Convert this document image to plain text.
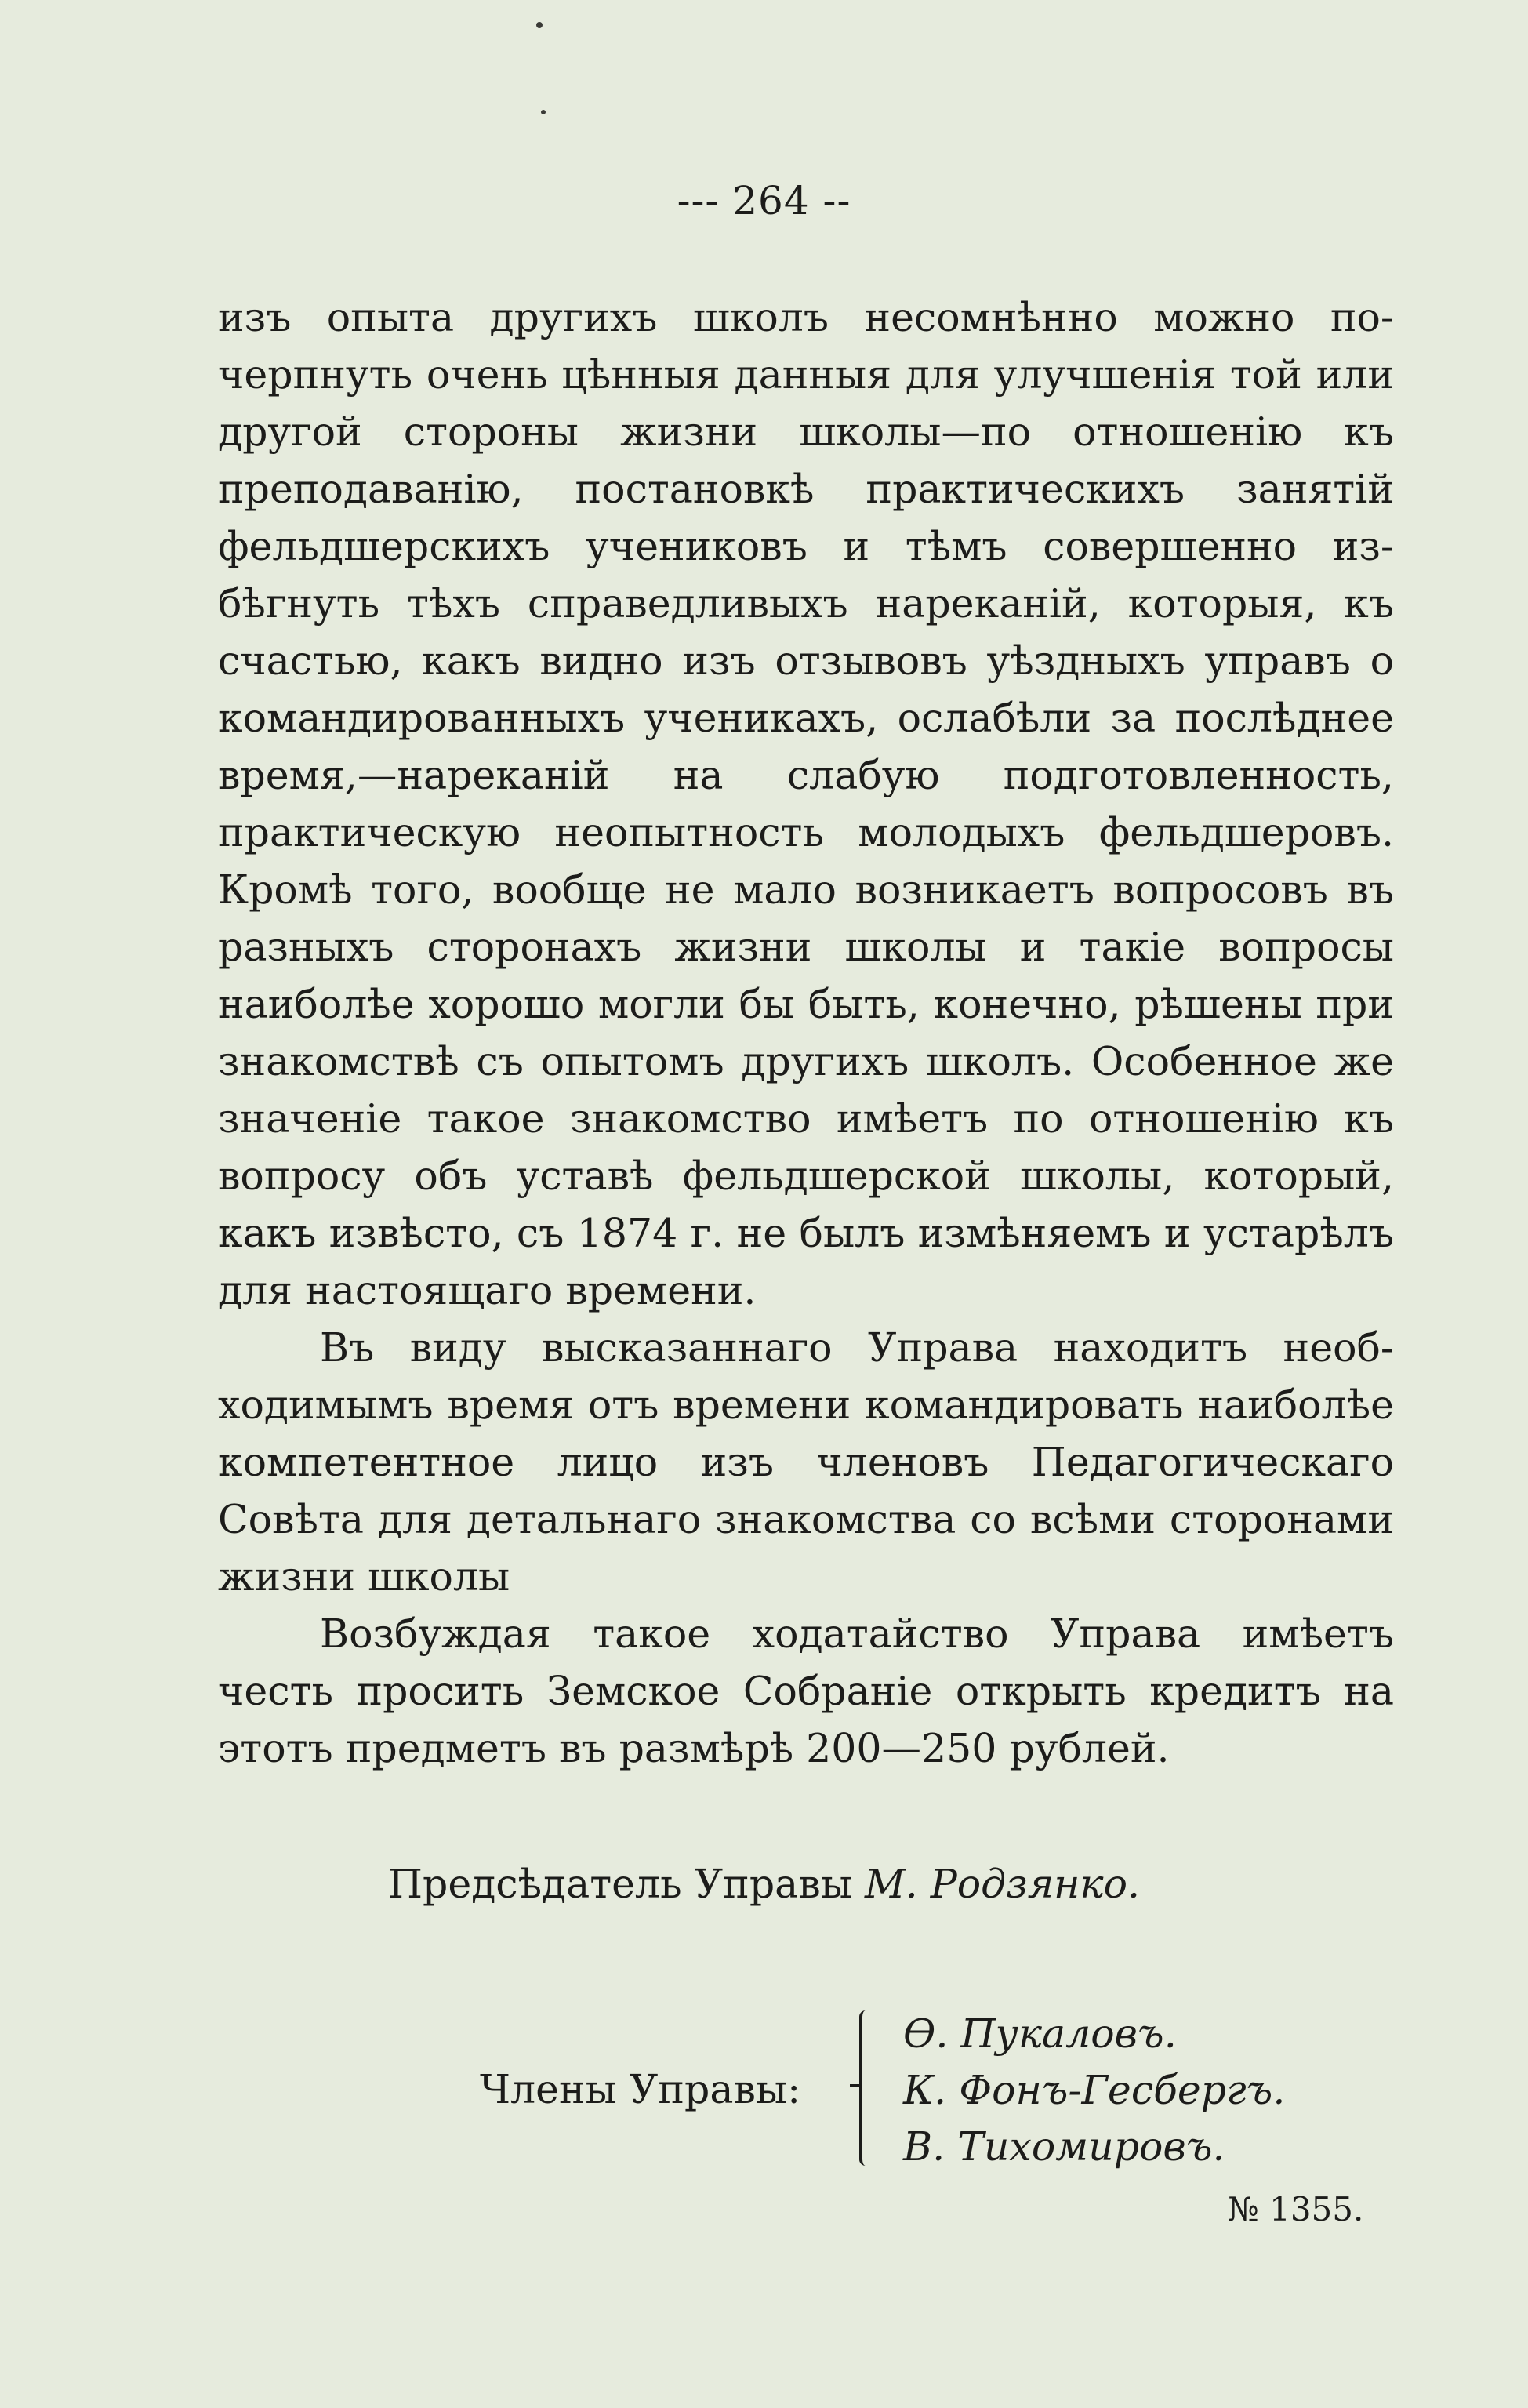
--- 264 --

изъ опыта другихъ школъ несомнѣнно можно почерпнуть очень цѣнныя данныя для улучшенія той или другой стороны жизни школы—по отношенію къ преподаванію, постановкѣ практическихъ занятій фельдшерскихъ учениковъ и тѣмъ совершенно избѣгнуть тѣхъ справедливыхъ нареканій, которыя, къ счастью, какъ видно изъ отзывовъ уѣздныхъ управъ о командированныхъ ученикахъ, ослабѣли за послѣднее время,—нареканій на слабую подготовленность, практическую неопытность молодыхъ фельдшеровъ. Кромѣ того, вообще не мало возникаетъ вопросовъ въ разныхъ сторонахъ жизни школы и такіе вопросы наиболѣе хорошо могли бы быть, конечно, рѣшены при знакомствѣ съ опытомъ другихъ школъ. Особенное же значеніе такое знакомство имѣетъ по отношенію къ вопросу объ уставѣ фельдшерской школы, который, какъ извѣсто, съ 1874 г. не былъ измѣняемъ и устарѣлъ для настоящаго времени.

Въ виду высказаннаго Управа находитъ необходимымъ время отъ времени командировать наиболѣе компетентное лицо изъ членовъ Педагогическаго Совѣта для детальнаго знакомства со всѣми сторонами жизни школы

Возбуждая такое ходатайство Управа имѣетъ честь просить Земское Собраніе открыть кредитъ на этотъ предметъ въ размѣрѣ 200—250 рублей.

Предсѣдатель Управы М. Родзянко.
Члены Управы:
Ѳ. Пукаловъ.
К. Фонъ-Гесбергъ.
В. Тихомировъ.
№ 1355.
